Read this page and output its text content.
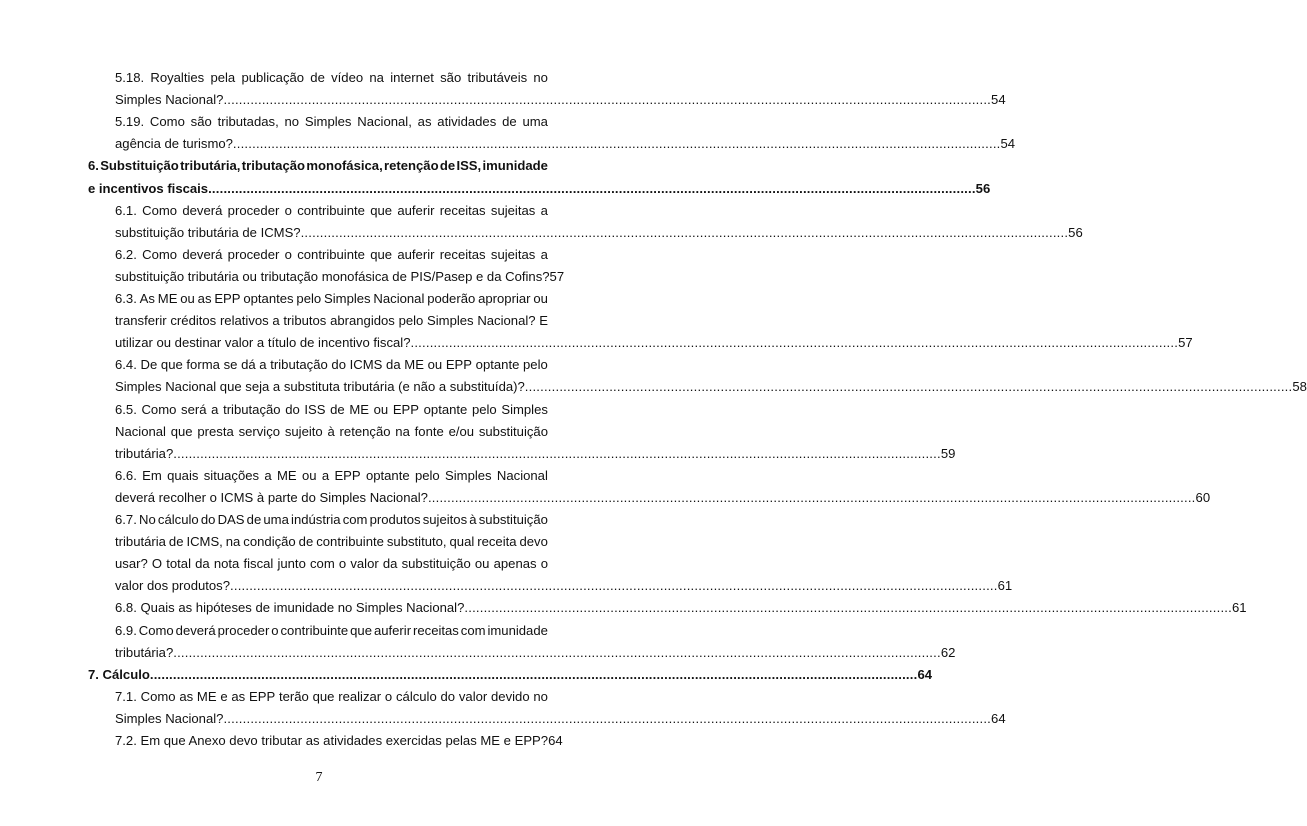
5.18. Royalties pela publicação de vídeo na internet são tributáveis no
Simples Nacional? .....	54
5.19. Como são tributadas, no Simples Nacional, as atividades de uma
agência de turismo? .....	54
6. Substituição tributária, tributação monofásica, retenção de ISS, imunidade
e incentivos fiscais .....	56
6.1. Como deverá proceder o contribuinte que auferir receitas sujeitas a
substituição tributária de ICMS? .....	56
6.2. Como deverá proceder o contribuinte que auferir receitas sujeitas a
substituição tributária ou tributação monofásica de PIS/Pasep e da Cofins? 57
6.3. As ME ou as EPP optantes pelo Simples Nacional poderão apropriar ou
transferir créditos relativos a tributos abrangidos pelo Simples Nacional? E
utilizar ou destinar valor a título de incentivo fiscal? .....	57
6.4. De que forma se dá a tributação do ICMS da ME ou EPP optante pelo
Simples Nacional que seja a substituta tributária (e não a substituída)? .....	58
6.5. Como será a tributação do ISS de ME ou EPP optante pelo Simples
Nacional que presta serviço sujeito à retenção na fonte e/ou substituição
tributária? .....	59
6.6. Em quais situações a ME ou a EPP optante pelo Simples Nacional
deverá recolher o ICMS à parte do Simples Nacional? .....	60
6.7. No cálculo do DAS de uma indústria com produtos sujeitos à substituição
tributária de ICMS, na condição de contribuinte substituto, qual receita devo
usar? O total da nota fiscal junto com o valor da substituição ou apenas o
valor dos produtos? .....	61
6.8. Quais as hipóteses de imunidade no Simples Nacional? .....	61
6.9. Como deverá proceder o contribuinte que auferir receitas com imunidade
tributária? .....	62
7. Cálculo .....	64
7.1. Como as ME e as EPP terão que realizar o cálculo do valor devido no
Simples Nacional? .....	64
7.2. Em que Anexo devo tributar as atividades exercidas pelas ME e EPP? 64
7
